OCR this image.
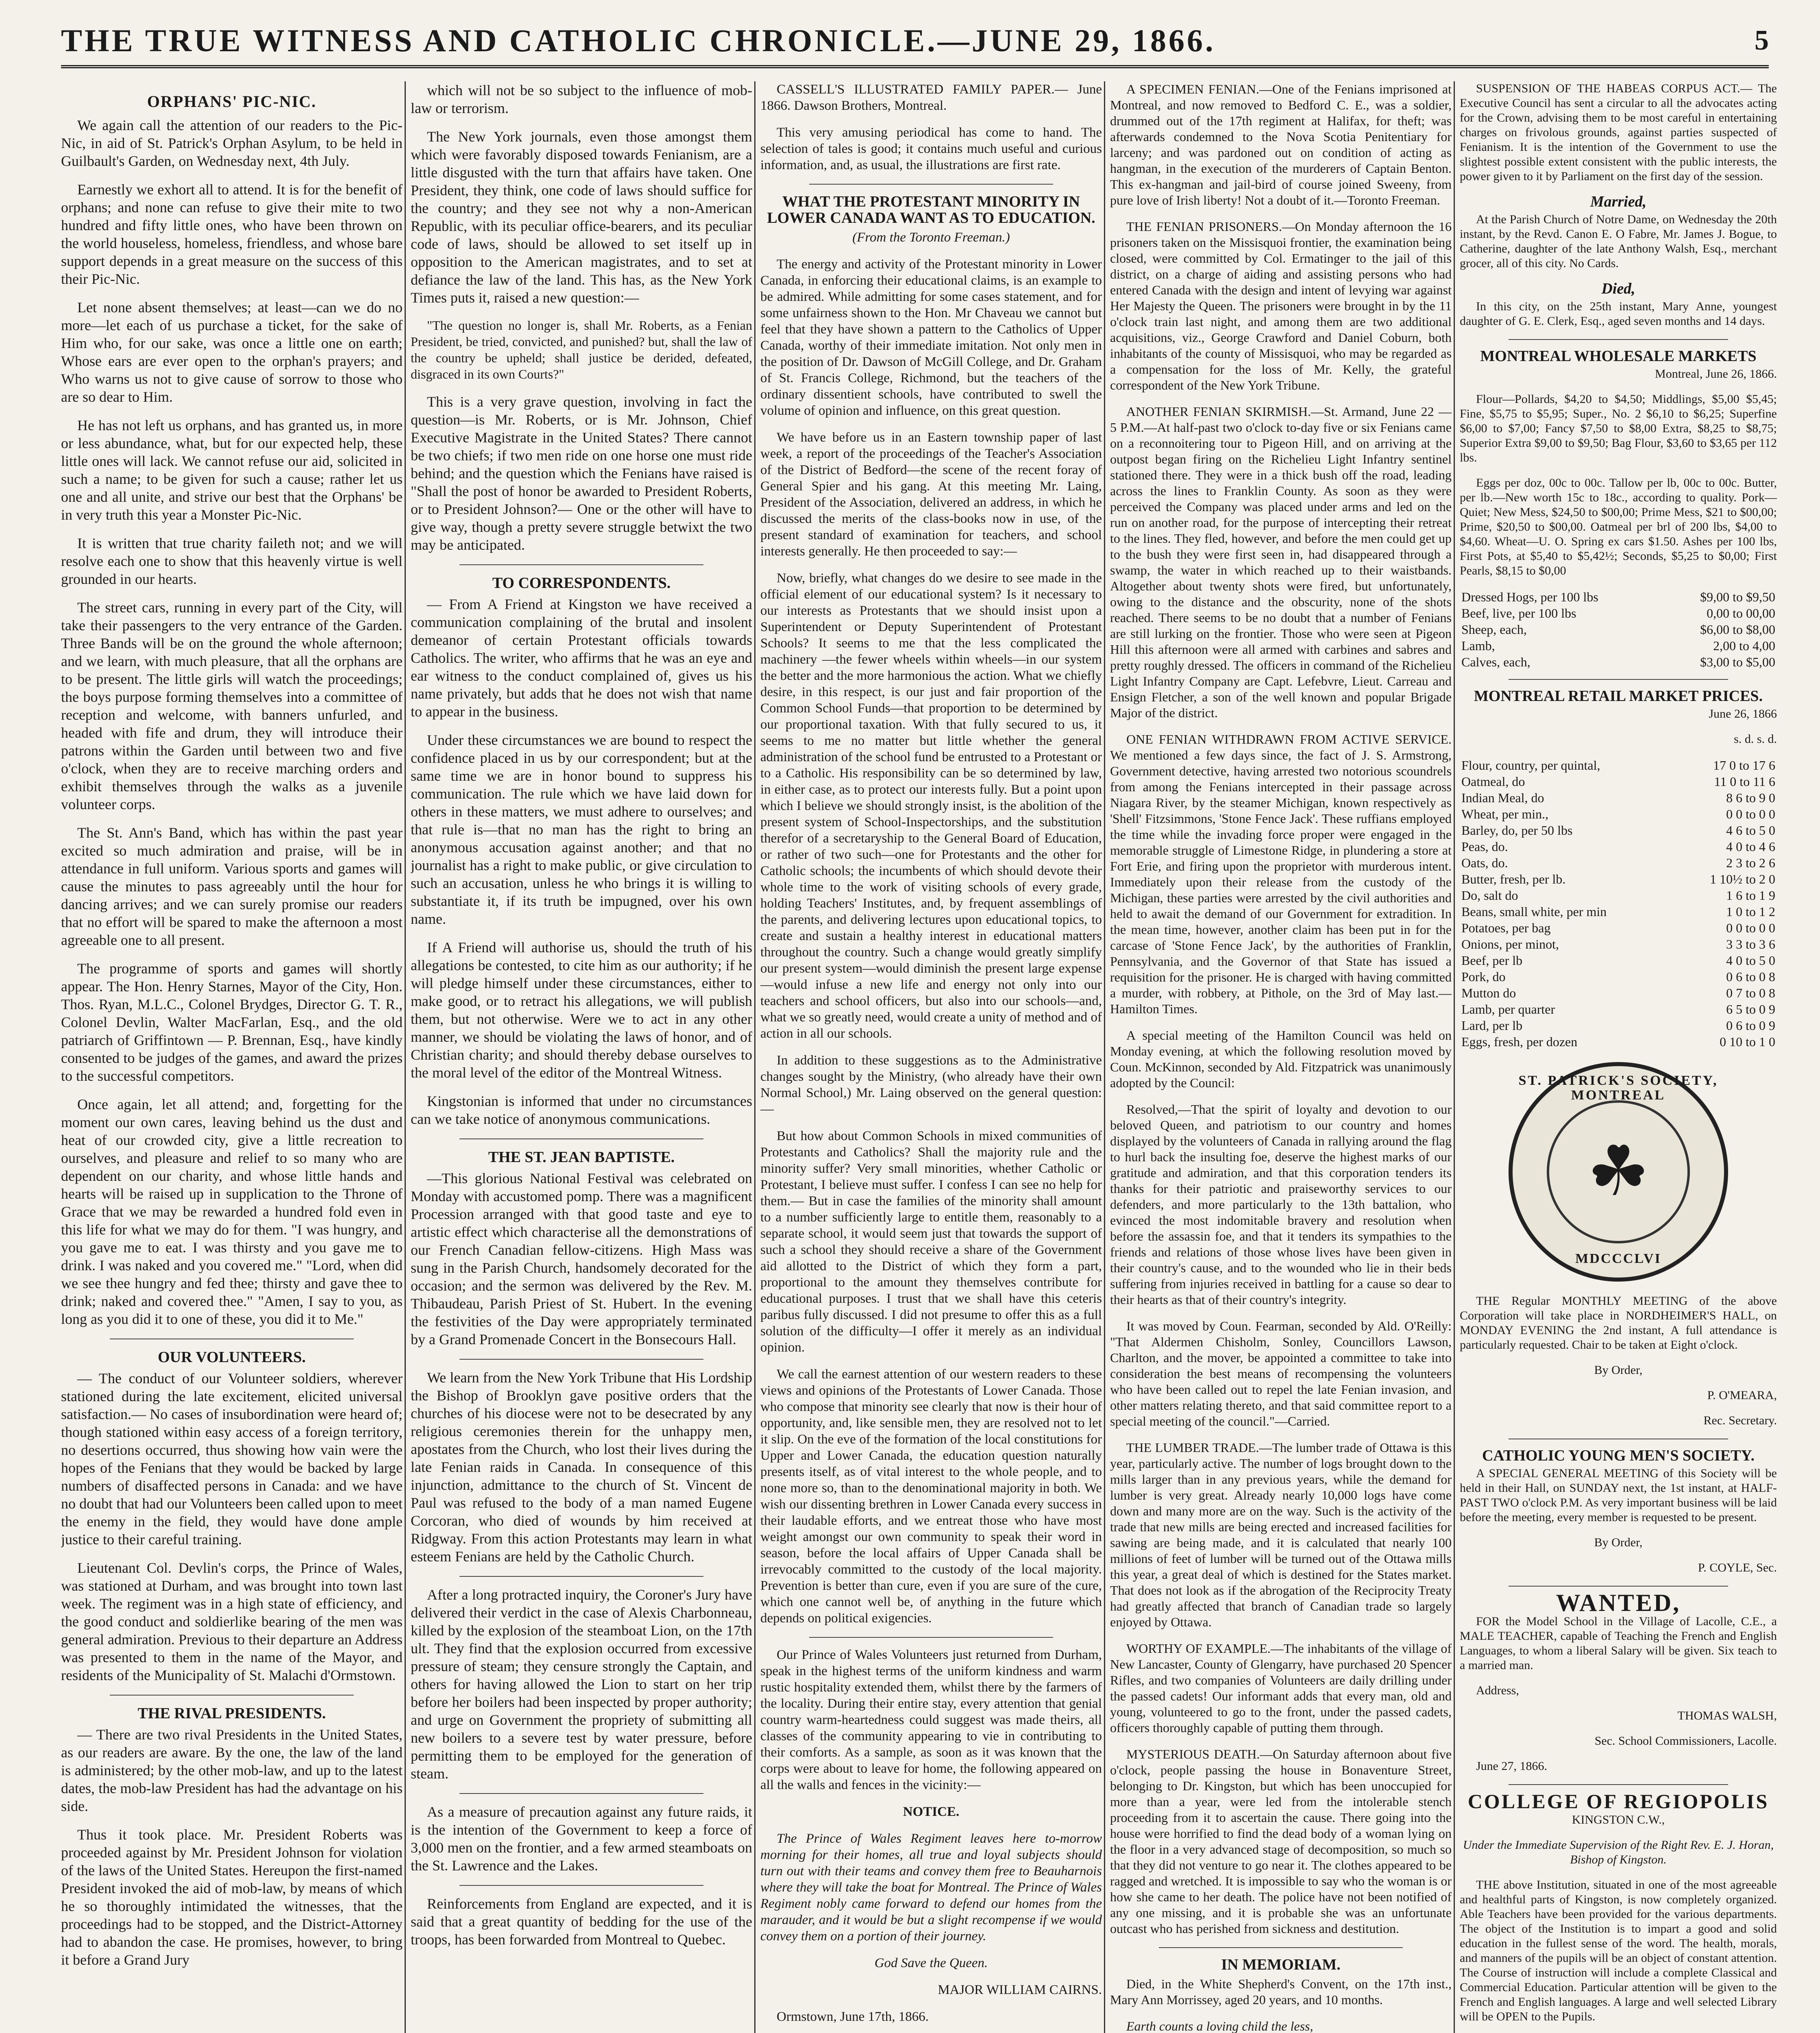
THE TRUE WITNESS AND CATHOLIC CHRONICLE.—JUNE 29, 1866.	5
ORPHANS' PIC-NIC.

We again call the attention of our readers to the Pic-Nic, in aid of St. Patrick's Orphan Asylum, to be held in Guilbault's Garden, on Wednesday next, 4th July.

Earnestly we exhort all to attend. It is for the benefit of orphans; and none can refuse to give their mite to two hundred and fifty little ones, who have been thrown on the world houseless, homeless, friendless, and whose bare support depends in a great measure on the success of this their Pic-Nic.

Let none absent themselves; at least—can we do no more—let each of us purchase a ticket, for the sake of Him who, for our sake, was once a little one on earth; Whose ears are ever open to the orphan's prayers; and Who warns us not to give cause of sorrow to those who are so dear to Him.

He has not left us orphans, and has granted us, in more or less abundance, what, but for our expected help, these little ones will lack. We cannot refuse our aid, solicited in such a name; to be given for such a cause; rather let us one and all unite, and strive our best that the Orphans' be in very truth this year a Monster Pic-Nic.

It is written that true charity faileth not; and we will resolve each one to show that this heavenly virtue is well grounded in our hearts.

The street cars, running in every part of the City, will take their passengers to the very entrance of the Garden. Three Bands will be on the ground the whole afternoon; and we learn, with much pleasure, that all the orphans are to be present. The little girls will watch the proceedings; the boys purpose forming themselves into a committee of reception and welcome, with banners unfurled, and headed with fife and drum, they will introduce their patrons within the Garden until between two and five o'clock, when they are to receive marching orders and exhibit themselves through the walks as a juvenile volunteer corps.

The St. Ann's Band, which has within the past year excited so much admiration and praise, will be in attendance in full uniform. Various sports and games will cause the minutes to pass agreeably until the hour for dancing arrives; and we can surely promise our readers that no effort will be spared to make the afternoon a most agreeable one to all present.

The programme of sports and games will shortly appear. The Hon. Henry Starnes, Mayor of the City, Hon. Thos. Ryan, M.L.C., Colonel Brydges, Director G. T. R., Colonel Devlin, Walter MacFarlan, Esq., and the old patriarch of Griffintown — P. Brennan, Esq., have kindly consented to be judges of the games, and award the prizes to the successful competitors.

Once again, let all attend; and, forgetting for the moment our own cares, leaving behind us the dust and heat of our crowded city, give a little recreation to ourselves, and pleasure and relief to so many who are dependent on our charity, and whose little hands and hearts will be raised up in supplication to the Throne of Grace that we may be rewarded a hundred fold even in this life for what we may do for them. "I was hungry, and you gave me to eat. I was thirsty and you gave me to drink. I was naked and you covered me." "Lord, when did we see thee hungry and fed thee; thirsty and gave thee to drink; naked and covered thee." "Amen, I say to you, as long as you did it to one of these, you did it to Me."

OUR VOLUNTEERS.

— The conduct of our Volunteer soldiers, wherever stationed during the late excitement, elicited universal satisfaction.— No cases of insubordination were heard of; though stationed within easy access of a foreign territory, no desertions occurred, thus showing how vain were the hopes of the Fenians that they would be backed by large numbers of disaffected persons in Canada: and we have no doubt that had our Volunteers been called upon to meet the enemy in the field, they would have done ample justice to their careful training.

Lieutenant Col. Devlin's corps, the Prince of Wales, was stationed at Durham, and was brought into town last week. The regiment was in a high state of efficiency, and the good conduct and soldierlike bearing of the men was general admiration. Previous to their departure an Address was presented to them in the name of the Mayor, and residents of the Municipality of St. Malachi d'Ormstown.

THE RIVAL PRESIDENTS.

— There are two rival Presidents in the United States, as our readers are aware. By the one, the law of the land is administered; by the other mob-law, and up to the latest dates, the mob-law President has had the advantage on his side.

Thus it took place. Mr. President Roberts was proceeded against by Mr. President Johnson for violation of the laws of the United States. Hereupon the first-named President invoked the aid of mob-law, by means of which he so thoroughly intimidated the witnesses, that the proceedings had to be stopped, and the District-Attorney had to abandon the case. He promises, however, to bring it before a Grand Jury

which will not be so subject to the influence of mob-law or terrorism.

The New York journals, even those amongst them which were favorably disposed towards Fenianism, are a little disgusted with the turn that affairs have taken. One President, they think, one code of laws should suffice for the country; and they see not why a non-American Republic, with its peculiar office-bearers, and its peculiar code of laws, should be allowed to set itself up in opposition to the American magistrates, and to set at defiance the law of the land. This has, as the New York Times puts it, raised a new question:—

"The question no longer is, shall Mr. Roberts, as a Fenian President, be tried, convicted, and punished? but, shall the law of the country be upheld; shall justice be derided, defeated, disgraced in its own Courts?"

This is a very grave question, involving in fact the question—is Mr. Roberts, or is Mr. Johnson, Chief Executive Magistrate in the United States? There cannot be two chiefs; if two men ride on one horse one must ride behind; and the question which the Fenians have raised is "Shall the post of honor be awarded to President Roberts, or to President Johnson?— One or the other will have to give way, though a pretty severe struggle betwixt the two may be anticipated.

TO CORRESPONDENTS.

— From A Friend at Kingston we have received a communication complaining of the brutal and insolent demeanor of certain Protestant officials towards Catholics. The writer, who affirms that he was an eye and ear witness to the conduct complained of, gives us his name privately, but adds that he does not wish that name to appear in the business.

Under these circumstances we are bound to respect the confidence placed in us by our correspondent; but at the same time we are in honor bound to suppress his communication. The rule which we have laid down for others in these matters, we must adhere to ourselves; and that rule is—that no man has the right to bring an anonymous accusation against another; and that no journalist has a right to make public, or give circulation to such an accusation, unless he who brings it is willing to substantiate it, if its truth be impugned, over his own name.

If A Friend will authorise us, should the truth of his allegations be contested, to cite him as our authority; if he will pledge himself under these circumstances, either to make good, or to retract his allegations, we will publish them, but not otherwise. Were we to act in any other manner, we should be violating the laws of honor, and of Christian charity; and should thereby debase ourselves to the moral level of the editor of the Montreal Witness.

Kingstonian is informed that under no circumstances can we take notice of anonymous communications.

THE ST. JEAN BAPTISTE.

—This glorious National Festival was celebrated on Monday with accustomed pomp. There was a magnificent Procession arranged with that good taste and eye to artistic effect which characterise all the demonstrations of our French Canadian fellow-citizens. High Mass was sung in the Parish Church, handsomely decorated for the occasion; and the sermon was delivered by the Rev. M. Thibaudeau, Parish Priest of St. Hubert. In the evening the festivities of the Day were appropriately terminated by a Grand Promenade Concert in the Bonsecours Hall.

We learn from the New York Tribune that His Lordship the Bishop of Brooklyn gave positive orders that the churches of his diocese were not to be desecrated by any religious ceremonies therein for the unhappy men, apostates from the Church, who lost their lives during the late Fenian raids in Canada. In consequence of this injunction, admittance to the church of St. Vincent de Paul was refused to the body of a man named Eugene Corcoran, who died of wounds by him received at Ridgway. From this action Protestants may learn in what esteem Fenians are held by the Catholic Church.

After a long protracted inquiry, the Coroner's Jury have delivered their verdict in the case of Alexis Charbonneau, killed by the explosion of the steamboat Lion, on the 17th ult. They find that the explosion occurred from excessive pressure of steam; they censure strongly the Captain, and others for having allowed the Lion to start on her trip before her boilers had been inspected by proper authority; and urge on Government the propriety of submitting all new boilers to a severe test by water pressure, before permitting them to be employed for the generation of steam.

As a measure of precaution against any future raids, it is the intention of the Government to keep a force of 3,000 men on the frontier, and a few armed steamboats on the St. Lawrence and the Lakes.

Reinforcements from England are expected, and it is said that a great quantity of bedding for the use of the troops, has been forwarded from Montreal to Quebec.

CASSELL'S ILLUSTRATED FAMILY PAPER.— June 1866. Dawson Brothers, Montreal.

This very amusing periodical has come to hand. The selection of tales is good; it contains much useful and curious information, and, as usual, the illustrations are first rate.

WHAT THE PROTESTANT MINORITY IN LOWER CANADA WANT AS TO EDUCATION.

(From the Toronto Freeman.)

The energy and activity of the Protestant minority in Lower Canada, in enforcing their educational claims, is an example to be admired. While admitting for some cases statement, and for some unfairness shown to the Hon. Mr Chaveau we cannot but feel that they have shown a pattern to the Catholics of Upper Canada, worthy of their immediate imitation. Not only men in the position of Dr. Dawson of McGill College, and Dr. Graham of St. Francis College, Richmond, but the teachers of the ordinary dissentient schools, have contributed to swell the volume of opinion and influence, on this great question.

We have before us in an Eastern township paper of last week, a report of the proceedings of the Teacher's Association of the District of Bedford—the scene of the recent foray of General Spier and his gang. At this meeting Mr. Laing, President of the Association, delivered an address, in which he discussed the merits of the class-books now in use, of the present standard of examination for teachers, and school interests generally. He then proceeded to say:—

Now, briefly, what changes do we desire to see made in the official element of our educational system? Is it necessary to our interests as Protestants that we should insist upon a Superintendent or Deputy Superintendent of Protestant Schools? It seems to me that the less complicated the machinery —the fewer wheels within wheels—in our system the better and the more harmonious the action. What we chiefly desire, in this respect, is our just and fair proportion of the Common School Funds—that proportion to be determined by our proportional taxation. With that fully secured to us, it seems to me no matter but little whether the general administration of the school fund be entrusted to a Protestant or to a Catholic. His responsibility can be so determined by law, in either case, as to protect our interests fully. But a point upon which I believe we should strongly insist, is the abolition of the present system of School-Inspectorships, and the substitution therefor of a secretaryship to the General Board of Education, or rather of two such—one for Protestants and the other for Catholic schools; the incumbents of which should devote their whole time to the work of visiting schools of every grade, holding Teachers' Institutes, and, by frequent assemblings of the parents, and delivering lectures upon educational topics, to create and sustain a healthy interest in educational matters throughout the country. Such a change would greatly simplify our present system—would diminish the present large expense—would infuse a new life and energy not only into our teachers and school officers, but also into our schools—and, what we so greatly need, would create a unity of method and of action in all our schools.

In addition to these suggestions as to the Administrative changes sought by the Ministry, (who already have their own Normal School,) Mr. Laing observed on the general question:—

But how about Common Schools in mixed communities of Protestants and Catholics? Shall the majority rule and the minority suffer? Very small minorities, whether Catholic or Protestant, I believe must suffer. I confess I can see no help for them.— But in case the families of the minority shall amount to a number sufficiently large to entitle them, reasonably to a separate school, it would seem just that towards the support of such a school they should receive a share of the Government aid allotted to the District of which they form a part, proportional to the amount they themselves contribute for educational purposes. I trust that we shall have this ceteris paribus fully discussed. I did not presume to offer this as a full solution of the difficulty—I offer it merely as an individual opinion.

We call the earnest attention of our western readers to these views and opinions of the Protestants of Lower Canada. Those who compose that minority see clearly that now is their hour of opportunity, and, like sensible men, they are resolved not to let it slip. On the eve of the formation of the local constitutions for Upper and Lower Canada, the education question naturally presents itself, as of vital interest to the whole people, and to none more so, than to the denominational majority in both. We wish our dissenting brethren in Lower Canada every success in their laudable efforts, and we entreat those who have most weight amongst our own community to speak their word in season, before the local affairs of Upper Canada shall be irrevocably committed to the custody of the local majority. Prevention is better than cure, even if you are sure of the cure, which one cannot well be, of anything in the future which depends on political exigencies.

Our Prince of Wales Volunteers just returned from Durham, speak in the highest terms of the uniform kindness and warm rustic hospitality extended them, whilst there by the farmers of the locality. During their entire stay, every attention that genial country warm-heartedness could suggest was made theirs, all classes of the community appearing to vie in contributing to their comforts. As a sample, as soon as it was known that the corps were about to leave for home, the following appeared on all the walls and fences in the vicinity:—

NOTICE.

The Prince of Wales Regiment leaves here to-morrow morning for their homes, all true and loyal subjects should turn out with their teams and convey them free to Beauharnois where they will take the boat for Montreal. The Prince of Wales Regiment nobly came forward to defend our homes from the marauder, and it would be but a slight recompense if we would convey them on a portion of their journey.

God Save the Queen.

MAJOR WILLIAM CAIRNS.

Ormstown, June 17th, 1866.

A SPECIMEN FENIAN.—One of the Fenians imprisoned at Montreal, and now removed to Bedford C. E., was a soldier, drummed out of the 17th regiment at Halifax, for theft; was afterwards condemned to the Nova Scotia Penitentiary for larceny; and was pardoned out on condition of acting as hangman, in the execution of the murderers of Captain Benton. This ex-hangman and jail-bird of course joined Sweeny, from pure love of Irish liberty! Not a doubt of it.—Toronto Freeman.

THE FENIAN PRISONERS.—On Monday afternoon the 16 prisoners taken on the Missisquoi frontier, the examination being closed, were committed by Col. Ermatinger to the jail of this district, on a charge of aiding and assisting persons who had entered Canada with the design and intent of levying war against Her Majesty the Queen. The prisoners were brought in by the 11 o'clock train last night, and among them are two additional acquisitions, viz., George Crawford and Daniel Coburn, both inhabitants of the county of Missisquoi, who may be regarded as a compensation for the loss of Mr. Kelly, the grateful correspondent of the New York Tribune.

ANOTHER FENIAN SKIRMISH.—St. Armand, June 22 — 5 P.M.—At half-past two o'clock to-day five or six Fenians came on a reconnoitering tour to Pigeon Hill, and on arriving at the outpost began firing on the Richelieu Light Infantry sentinel stationed there. They were in a thick bush off the road, leading across the lines to Franklin County. As soon as they were perceived the Company was placed under arms and led on the run on another road, for the purpose of intercepting their retreat to the lines. They fled, however, and before the men could get up to the bush they were first seen in, had disappeared through a swamp, the water in which reached up to their waistbands. Altogether about twenty shots were fired, but unfortunately, owing to the distance and the obscurity, none of the shots reached. There seems to be no doubt that a number of Fenians are still lurking on the frontier. Those who were seen at Pigeon Hill this afternoon were all armed with carbines and sabres and pretty roughly dressed. The officers in command of the Richelieu Light Infantry Company are Capt. Lefebvre, Lieut. Carreau and Ensign Fletcher, a son of the well known and popular Brigade Major of the district.

ONE FENIAN WITHDRAWN FROM ACTIVE SERVICE. We mentioned a few days since, the fact of J. S. Armstrong, Government detective, having arrested two notorious scoundrels from among the Fenians intercepted in their passage across Niagara River, by the steamer Michigan, known respectively as 'Shell' Fitzsimmons, 'Stone Fence Jack'. These ruffians employed the time while the invading force proper were engaged in the memorable struggle of Limestone Ridge, in plundering a store at Fort Erie, and firing upon the proprietor with murderous intent. Immediately upon their release from the custody of the Michigan, these parties were arrested by the civil authorities and held to await the demand of our Government for extradition. In the mean time, however, another claim has been put in for the carcase of 'Stone Fence Jack', by the authorities of Franklin, Pennsylvania, and the Governor of that State has issued a requisition for the prisoner. He is charged with having committed a murder, with robbery, at Pithole, on the 3rd of May last.—Hamilton Times.

A special meeting of the Hamilton Council was held on Monday evening, at which the following resolution moved by Coun. McKinnon, seconded by Ald. Fitzpatrick was unanimously adopted by the Council:

Resolved,—That the spirit of loyalty and devotion to our beloved Queen, and patriotism to our country and homes displayed by the volunteers of Canada in rallying around the flag to hurl back the insulting foe, deserve the highest marks of our gratitude and admiration, and that this corporation tenders its thanks for their patriotic and praiseworthy services to our defenders, and more particularly to the 13th battalion, who evinced the most indomitable bravery and resolution when before the assassin foe, and that it tenders its sympathies to the friends and relations of those whose lives have been given in their country's cause, and to the wounded who lie in their beds suffering from injuries received in battling for a cause so dear to their hearts as that of their country's integrity.

It was moved by Coun. Fearman, seconded by Ald. O'Reilly: "That Aldermen Chisholm, Sonley, Councillors Lawson, Charlton, and the mover, be appointed a committee to take into consideration the best means of recompensing the volunteers who have been called out to repel the late Fenian invasion, and other matters relating thereto, and that said committee report to a special meeting of the council."—Carried.

THE LUMBER TRADE.—The lumber trade of Ottawa is this year, particularly active. The number of logs brought down to the mills larger than in any previous years, while the demand for lumber is very great. Already nearly 10,000 logs have come down and many more are on the way. Such is the activity of the trade that new mills are being erected and increased facilities for sawing are being made, and it is calculated that nearly 100 millions of feet of lumber will be turned out of the Ottawa mills this year, a great deal of which is destined for the States market. That does not look as if the abrogation of the Reciprocity Treaty had greatly affected that branch of Canadian trade so largely enjoyed by Ottawa.

WORTHY OF EXAMPLE.—The inhabitants of the village of New Lancaster, County of Glengarry, have purchased 20 Spencer Rifles, and two companies of Volunteers are daily drilling under the passed cadets! Our informant adds that every man, old and young, volunteered to go to the front, under the passed cadets, officers thoroughly capable of putting them through.

MYSTERIOUS DEATH.—On Saturday afternoon about five o'clock, people passing the house in Bonaventure Street, belonging to Dr. Kingston, but which has been unoccupied for more than a year, were led from the intolerable stench proceeding from it to ascertain the cause. There going into the house were horrified to find the dead body of a woman lying on the floor in a very advanced stage of decomposition, so much so that they did not venture to go near it. The clothes appeared to be ragged and wretched. It is impossible to say who the woman is or how she came to her death. The police have not been notified of any one missing, and it is probable she was an unfortunate outcast who has perished from sickness and destitution.

IN MEMORIAM.

Died, in the White Shepherd's Convent, on the 17th inst., Mary Ann Morrissey, aged 20 years, and 10 months.

Earth counts a loving child the less,

SUSPENSION OF THE HABEAS CORPUS ACT.— The Executive Council has sent a circular to all the advocates acting for the Crown, advising them to be most careful in entertaining charges on frivolous grounds, against parties suspected of Fenianism. It is the intention of the Government to use the slightest possible extent consistent with the public interests, the power given to it by Parliament on the first day of the session.

Married,

At the Parish Church of Notre Dame, on Wednesday the 20th instant, by the Revd. Canon E. O Fabre, Mr. James J. Bogue, to Catherine, daughter of the late Anthony Walsh, Esq., merchant grocer, all of this city. No Cards.

Died,

In this city, on the 25th instant, Mary Anne, youngest daughter of G. E. Clerk, Esq., aged seven months and 14 days.

MONTREAL WHOLESALE MARKETS

Montreal, June 26, 1866.

Flour—Pollards, $4,20 to $4,50; Middlings, $5,00 $5,45; Fine, $5,75 to $5,95; Super., No. 2 $6,10 to $6,25; Superfine $6,00 to $7,00; Fancy $7,50 to $8,00 Extra, $8,25 to $8,75; Superior Extra $9,00 to $9,50; Bag Flour, $3,60 to $3,65 per 112 lbs.

Eggs per doz, 00c to 00c. Tallow per lb, 00c to 00c. Butter, per lb.—New worth 15c to 18c., according to quality. Pork—Quiet; New Mess, $24,50 to $00,00; Prime Mess, $21 to $00,00; Prime, $20,50 to $00,00. Oatmeal per brl of 200 lbs, $4,00 to $4,60. Wheat—U. O. Spring ex cars $1.50. Ashes per 100 lbs, First Pots, at $5,40 to $5,42½; Seconds, $5,25 to $0,00; First Pearls, $8,15 to $0,00

Dressed Hogs, per 100 lbs	$9,00 to $9,50
Beef, live, per 100 lbs	0,00 to 00,00
Sheep, each,	$6,00 to $8,00
Lamb,	2,00 to 4,00
Calves, each,	$3,00 to $5,00
MONTREAL RETAIL MARKET PRICES.

June 26, 1866

s. d. s. d.

Flour, country, per quintal,	17 0 to 17 6
Oatmeal, do	11 0 to 11 6
Indian Meal, do	8 6 to 9 0
Wheat, per min.,	0 0 to 0 0
Barley, do, per 50 lbs	4 6 to 5 0
Peas, do.	4 0 to 4 6
Oats, do.	2 3 to 2 6
Butter, fresh, per lb.	1 10½ to 2 0
Do, salt do	1 6 to 1 9
Beans, small white, per min	1 0 to 1 2
Potatoes, per bag	0 0 to 0 0
Onions, per minot,	3 3 to 3 6
Beef, per lb	4 0 to 5 0
Pork, do	0 6 to 0 8
Mutton do	0 7 to 0 8
Lamb, per quarter	6 5 to 0 9
Lard, per lb	0 6 to 0 9
Eggs, fresh, per dozen	0 10 to 1 0
ST. PATRICK'S SOCIETY, MONTREAL
☘
MDCCCLVI

THE Regular MONTHLY MEETING of the above Corporation will take place in NORDHEIMER'S HALL, on MONDAY EVENING the 2nd instant, A full attendance is particularly requested. Chair to be taken at Eight o'clock.

By Order,

P. O'MEARA,

Rec. Secretary.

CATHOLIC YOUNG MEN'S SOCIETY.

A SPECIAL GENERAL MEETING of this Society will be held in their Hall, on SUNDAY next, the 1st instant, at HALF-PAST TWO o'clock P.M. As very important business will be laid before the meeting, every member is requested to be present.

By Order,

P. COYLE, Sec.

WANTED,

FOR the Model School in the Village of Lacolle, C.E., a MALE TEACHER, capable of Teaching the French and English Languages, to whom a liberal Salary will be given. Six teach to a married man.

Address,

THOMAS WALSH,

Sec. School Commissioners, Lacolle.

June 27, 1866.

COLLEGE OF REGIOPOLIS

KINGSTON C.W.,

Under the Immediate Supervision of the Right Rev. E. J. Horan, Bishop of Kingston.

THE above Institution, situated in one of the most agreeable and healthful parts of Kingston, is now completely organized. Able Teachers have been provided for the various departments. The object of the Institution is to impart a good and solid education in the fullest sense of the word. The health, morals, and manners of the pupils will be an object of constant attention. The Course of instruction will include a complete Classical and Commercial Education. Particular attention will be given to the French and English languages. A large and well selected Library will be OPEN to the Pupils.
